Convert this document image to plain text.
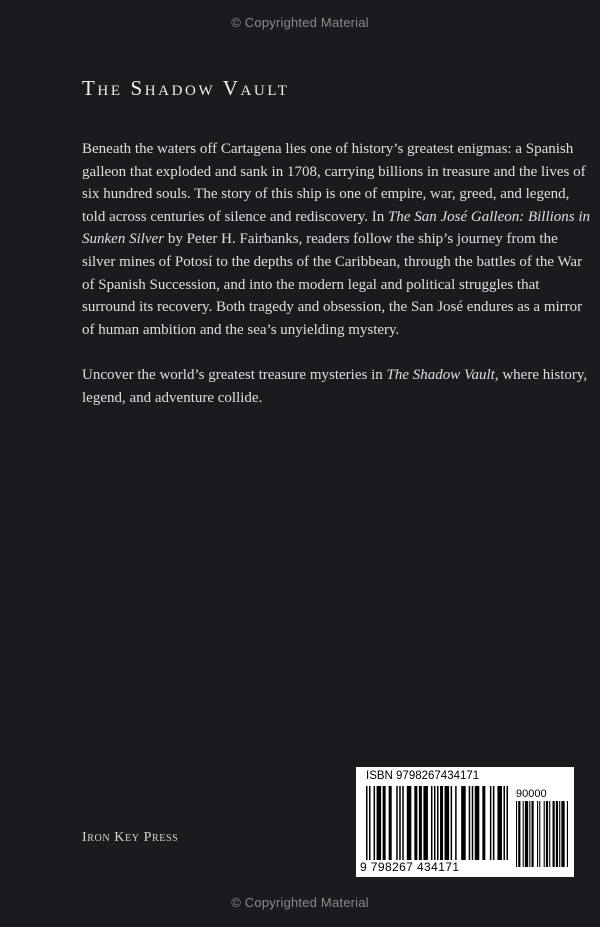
© Copyrighted Material
The Shadow Vault

Beneath the waters off Cartagena lies one of history’s greatest enigmas: a Spanish galleon that exploded and sank in 1708, carrying billions in treasure and the lives of six hundred souls. The story of this ship is one of empire, war, greed, and legend, told across centuries of silence and rediscovery. In The San José Galleon: Billions in Sunken Silver by Peter H. Fairbanks, readers follow the ship’s journey from the silver mines of Potosí to the depths of the Caribbean, through the battles of the War of Spanish Succession, and into the modern legal and political struggles that surround its recovery. Both tragedy and obsession, the San José endures as a mirror of human ambition and the sea’s unyielding mystery.

Uncover the world’s greatest treasure mysteries in The Shadow Vault, where history, legend, and adventure collide.

Iron Key Press
ISBN 9798267434171
90000
9 798267 434171
© Copyrighted Material
